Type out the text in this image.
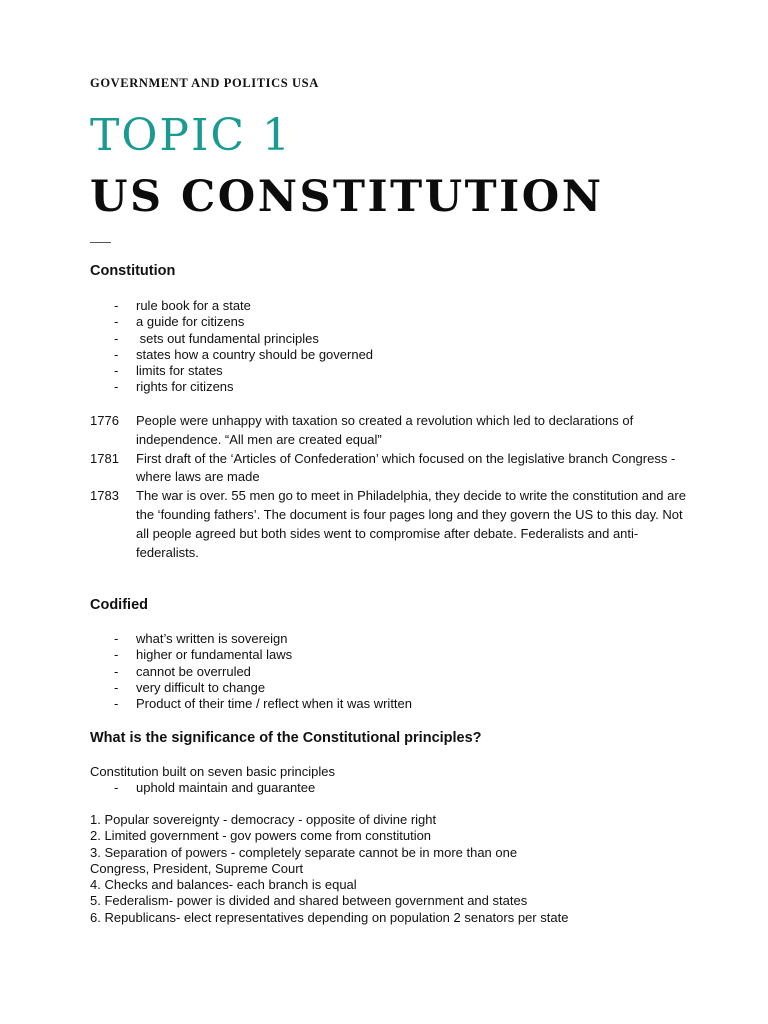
GOVERNMENT AND POLITICS USA
TOPIC 1
US CONSTITUTION
Constitution
- rule book for a state
- a guide for citizens
- sets out fundamental principles
- states how a country should be governed
- limits for states
- rights for citizens
1776 People were unhappy with taxation so created a revolution which led to declarations of independence. “All men are created equal”
1781 First draft of the ‘Articles of Confederation’ which focused on the legislative branch Congress - where laws are made
1783 The war is over. 55 men go to meet in Philadelphia, they decide to write the constitution and are the ‘founding fathers’. The document is four pages long and they govern the US to this day. Not all people agreed but both sides went to compromise after debate. Federalists and anti-federalists.
Codified
- what’s written is sovereign
- higher or fundamental laws
- cannot be overruled
- very difficult to change
- Product of their time / reflect when it was written
What is the significance of the Constitutional principles?
Constitution built on seven basic principles
- uphold maintain and guarantee
1. Popular sovereignty - democracy - opposite of divine right
2. Limited government - gov powers come from constitution
3. Separation of powers - completely separate cannot be in more than one
Congress, President, Supreme Court
4. Checks and balances- each branch is equal
5. Federalism- power is divided and shared between government and states
6. Republicans- elect representatives depending on population 2 senators per state
